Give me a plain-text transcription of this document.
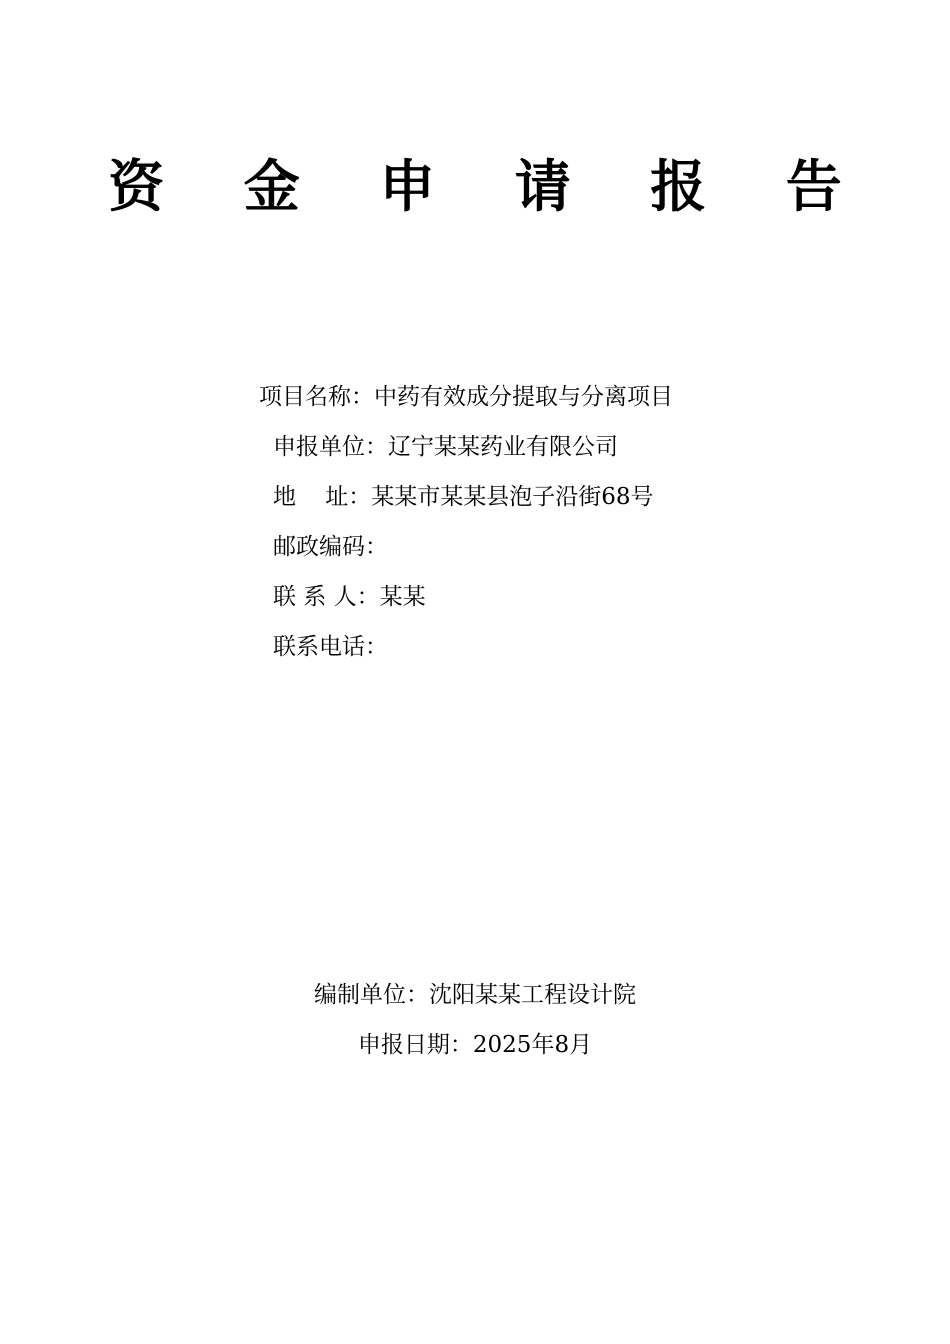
资 金 申 请 报 告
项目名称：中药有效成分提取与分离项目
申报单位：辽宁某某药业有限公司
地    址：某某市某某县泡子沿街68号
邮政编码：
联 系 人：某某
联系电话：
编制单位：沈阳某某工程设计院
申报日期：2025年8月
